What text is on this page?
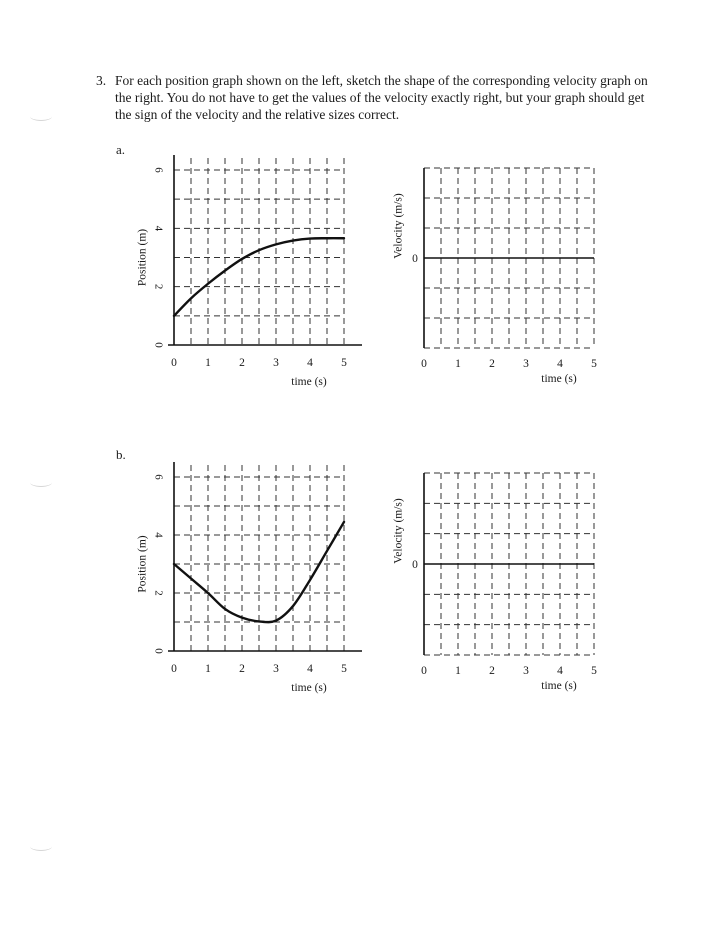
3. For each position graph shown on the left, sketch the shape of the corresponding velocity graph on the right. You do not have to get the values of the velocity exactly right, but your graph should get the sign of the velocity and the relative sizes correct.
a.
b.
0
2
4
6
0 1 2 3 4 5
time (s)
Position (m)	0
0 1 2 3 4 5
time (s)
Velocity (m/s)
0
2
4
6
0 1 2 3 4 5
time (s)
Position (m)	0
0 1 2 3 4 5
time (s)
Velocity (m/s)
